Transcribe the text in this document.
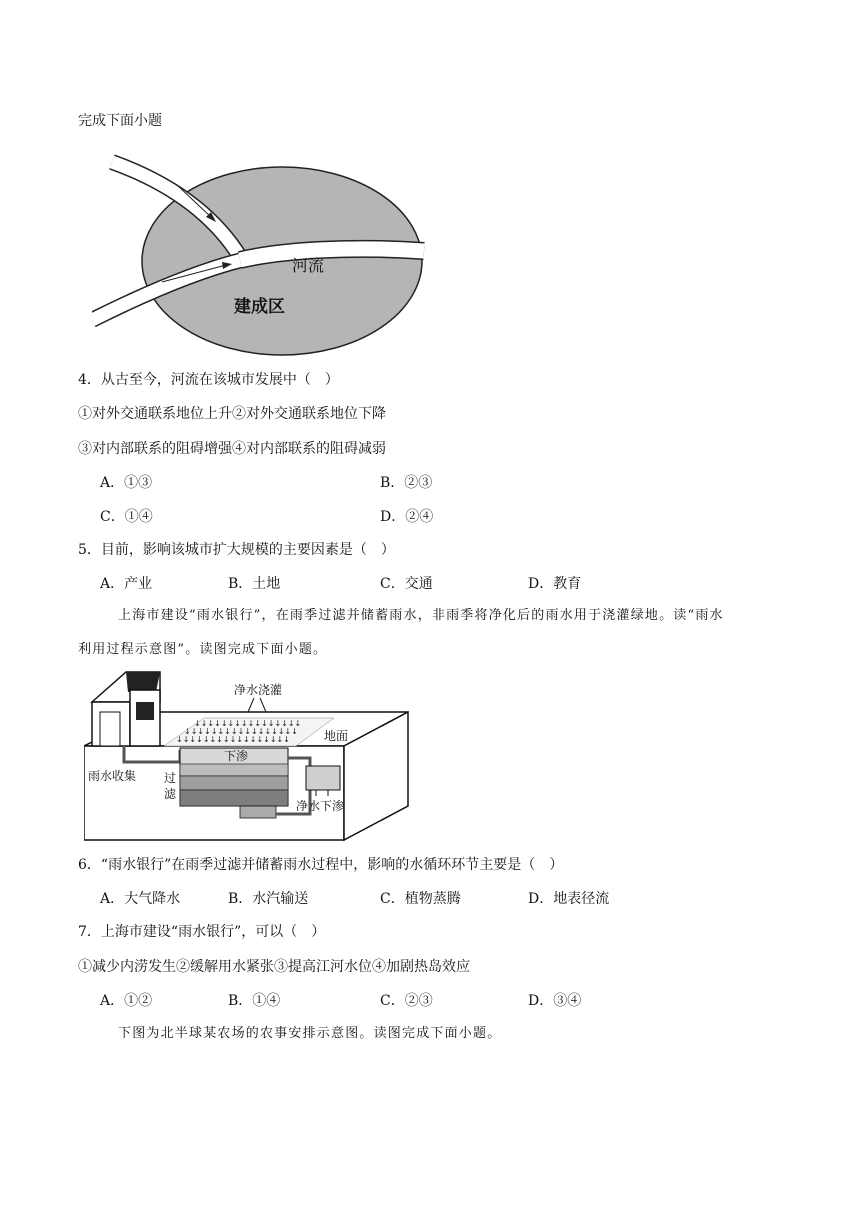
完成下面小题
河流
建成区
4．从古至今，河流在该城市发展中（　）
①对外交通联系地位上升②对外交通联系地位下降
③对内部联系的阻碍增强④对内部联系的阻碍减弱
A．①③	B．②③
C．①④	D．②④
5．目前，影响该城市扩大规模的主要因素是（　）
A．产业	B．土地	C．交通	D．教育
上海市建设“雨水银行”，在雨季过滤并储蓄雨水，非雨季将净化后的雨水用于浇灌绿地。读“雨水
利用过程示意图”。读图完成下面小题。
↓↓↓↓↓↓↓↓↓↓↓↓↓↓↓↓
↓↓↓↓↓↓↓↓↓↓↓↓↓↓↓↓↓
↓↓↓↓↓↓↓↓↓↓↓↓↓↓↓↓↓
净水浇灌
地面
下渗
雨水收集 过
滤
净水下渗
6．“雨水银行”在雨季过滤并储蓄雨水过程中，影响的水循环环节主要是（　）
A．大气降水	B．水汽输送	C．植物蒸腾	D．地表径流
7．上海市建设“雨水银行”，可以（　）
①减少内涝发生②缓解用水紧张③提高江河水位④加剧热岛效应
A．①②	B．①④	C．②③	D．③④
下图为北半球某农场的农事安排示意图。读图完成下面小题。
